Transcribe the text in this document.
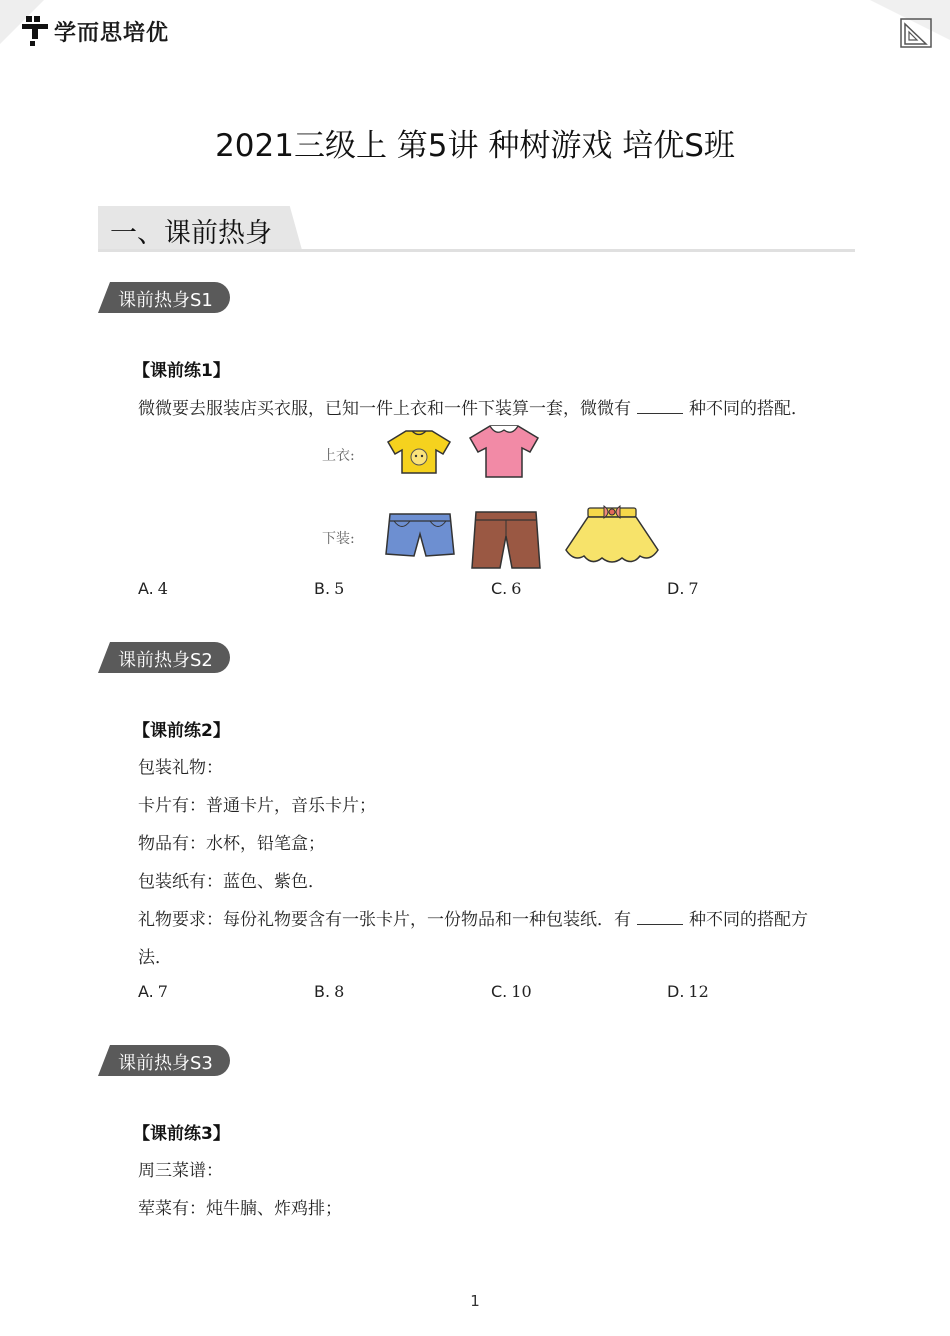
学而思培优
2021三级上 第5讲 种树游戏 培优S班
一、课前热身
课前热身S1
【课前练1】
微微要去服装店买衣服，已知一件上衣和一件下装算一套，微微有	种不同的搭配．
上衣:
下装:
A. 4	B. 5	C. 6	D. 7
课前热身S2
【课前练2】
包装礼物：
卡片有：普通卡片，音乐卡片；
物品有：水杯，铅笔盒；
包装纸有：蓝色、紫色．
礼物要求：每份礼物要含有一张卡片，一份物品和一种包装纸．有	种不同的搭配方
法．
A. 7	B. 8	C. 10	D. 12
课前热身S3
【课前练3】
周三菜谱：
荤菜有：炖牛腩、炸鸡排；
1
